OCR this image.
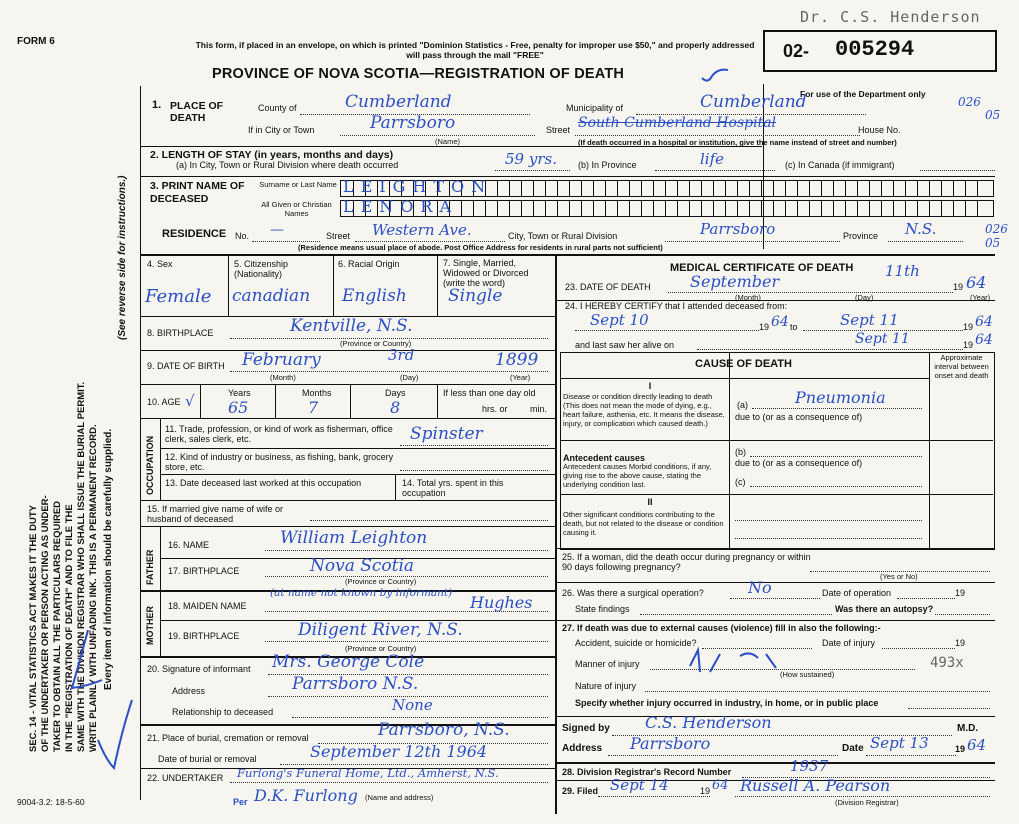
FORM 6	This form, if placed in an envelope, on which is printed "Dominion Statistics - Free, penalty for improper use $50," and properly addressed will pass through the mail "FREE"
PROVINCE OF NOVA SCOTIA—REGISTRATION OF DEATH
Dr. C.S. Henderson
02- 005294
For use of the Department only
026
05
026
05
SEC. 14 - VITAL STATISTICS ACT MAKES IT THE DUTY OF THE UNDERTAKER OR PERSON ACTING AS UNDER- TAKER TO OBTAIN ALL THE PARTICULARS REQUIRED IN THE "REGISTRATION OF DEATH" AND TO FILE THE SAME WITH THE DIVISION REGISTRAR WHO SHALL ISSUE THE BURIAL PERMIT. WRITE PLAINLY WITH UNFADING INK. THIS IS A PERMANENT RECORD. Every item of information should be carefully supplied.
(See reverse side for instructions.)
1. PLACE OF DEATH
County of	Cumberland	Municipality of	Cumberland
If in City or Town	Parrsboro
(Name)
Street South Cumberland Hospital	House No.
(If death occurred in a hospital or institution, give the name instead of street and number)
2. LENGTH OF STAY (in years, months and days)
(a) In City, Town or Rural Division where death occurred	59 yrs. (b) In Province	life	(c) In Canada (if immigrant)
3. PRINT NAME OF DECEASED
Surname or Last Name
All Given or Christian Names
LEIGHTON
LENORA
RESIDENCE No. —	Street Western Ave.	City, Town or Rural Division	Parrsboro	Province N.S.
(Residence means usual place of abode. Post Office Address for residents in rural parts not sufficient)
4. Sex	5. Citizenship (Nationality)
6. Racial Origin	7. Single, Married, Widowed or Divorced (write the word)
Female canadian English Single
8. BIRTHPLACE	Kentville, N.S.
(Province or Country)
9. DATE OF BIRTH February	3rd	1899
(Month)	(Day)	(Year)
10. AGE √	Years	Months	Days
65	7	8
If less than one day old
hrs. or min.
OCCUPATION
11. Trade, profession, or kind of work as fisherman, office clerk, sales clerk, etc.	Spinster
12. Kind of industry or business, as fishing, bank, grocery store, etc.
13. Date deceased last worked at this occupation	14. Total yrs. spent in this occupation
15. If married give name of wife or husband of deceased
FATHER
MOTHER
16. NAME	William Leighton
17. BIRTHPLACE	Nova Scotia
(Province or Country)
18. MAIDEN NAME
(at name not known by informant) Hughes
19. BIRTHPLACE	Diligent River, N.S.
(Province or Country)
20. Signature of informant Mrs. George Cole
Address	Parrsboro N.S.
Relationship to deceased	None
21. Place of burial, cremation or removal	Parrsboro, N.S.
Date of burial or removal	September 12th 1964
22. UNDERTAKER Furlong's Funeral Home, Ltd., Amherst, N.S.
Per D.K. Furlong (Name and address)
9004-3.2: 18-5-60
MEDICAL CERTIFICATE OF DEATH
23. DATE OF DEATH September
11th
19 64
(Month)	(Day)	(Year)
24. I HEREBY CERTIFY that I attended deceased from:
Sept 10	19 64 to	Sept 11	19 64
and last saw her alive on	Sept 11	19 64
CAUSE OF DEATH
Approximate interval between onset and death
I
Disease or condition directly leading to death (This does not mean the mode of dying, e.g., heart failure, asthenia, etc. It means the disease, injury, or complication which caused death.)
(a)	Pneumonia
due to (or as a consequence of)
(b)
Antecedent causes
Antecedent causes Morbid conditions, if any, giving rise to the above cause, stating the underlying condition last.
due to (or as a consequence of)
(c)
II
Other significant conditions contributing to the death, but not related to the disease or condition causing it.
25. If a woman, did the death occur during pregnancy or within 90 days following pregnancy?
(Yes or No)
26. Was there a surgical operation?	No	Date of operation	19
State findings	Was there an autopsy?
27. If death was due to external causes (violence) fill in also the following:-
Accident, suicide or homicide?	Date of injury	19
Manner of injury	493x
(How sustained)
Nature of injury
Specify whether injury occurred in industry, in home, or in public place
Signed by C.S. Henderson	M.D.
Address Parrsboro	Date Sept 13	19 64
28. Division Registrar's Record Number	1937
29. Filed Sept 14	19 64 Russell A. Pearson
(Division Registrar)
